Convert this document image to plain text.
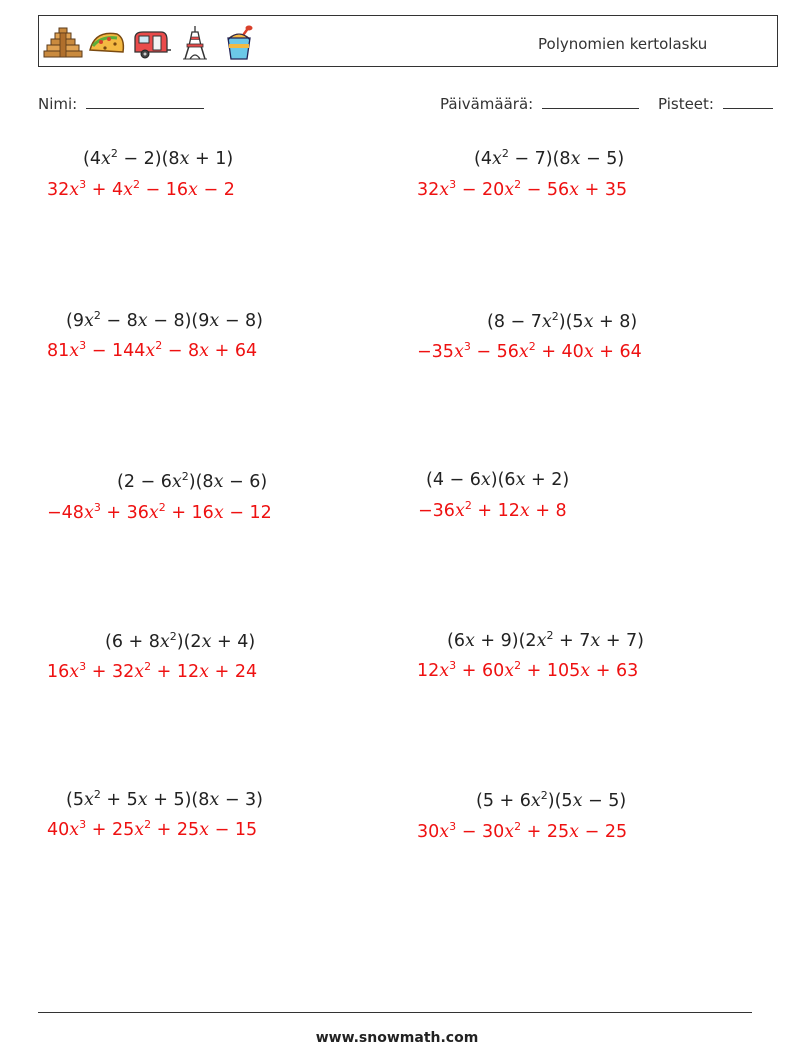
Polynomien kertolasku
Nimi:	Päivämäärä:	Pisteet:
$(4x^2 - 2)(8x + 1)$
$32x^3 + 4x^2 - 16x - 2$
$(4x^2 - 7)(8x - 5)$
$32x^3 - 20x^2 - 56x + 35$
$(9x^2 - 8x - 8)(9x - 8)$
$81x^3 - 144x^2 - 8x + 64$
$(8 - 7x^2)(5x + 8)$
$-35x^3 - 56x^2 + 40x + 64$
$(2 - 6x^2)(8x - 6)$
$-48x^3 + 36x^2 + 16x - 12$
(4 − 6x)(6x + 2)
$-36x^2 + 12x + 8$
$(6 + 8x^2)(2x + 4)$
$16x^3 + 32x^2 + 12x + 24$
$(6x + 9)(2x^2 + 7x + 7)$
$12x^3 + 60x^2 + 105x + 63$
$(5x^2 + 5x + 5)(8x - 3)$
$40x^3 + 25x^2 + 25x - 15$
$(5 + 6x^2)(5x - 5)$
$30x^3 - 30x^2 + 25x - 25$
www.snowmath.com
